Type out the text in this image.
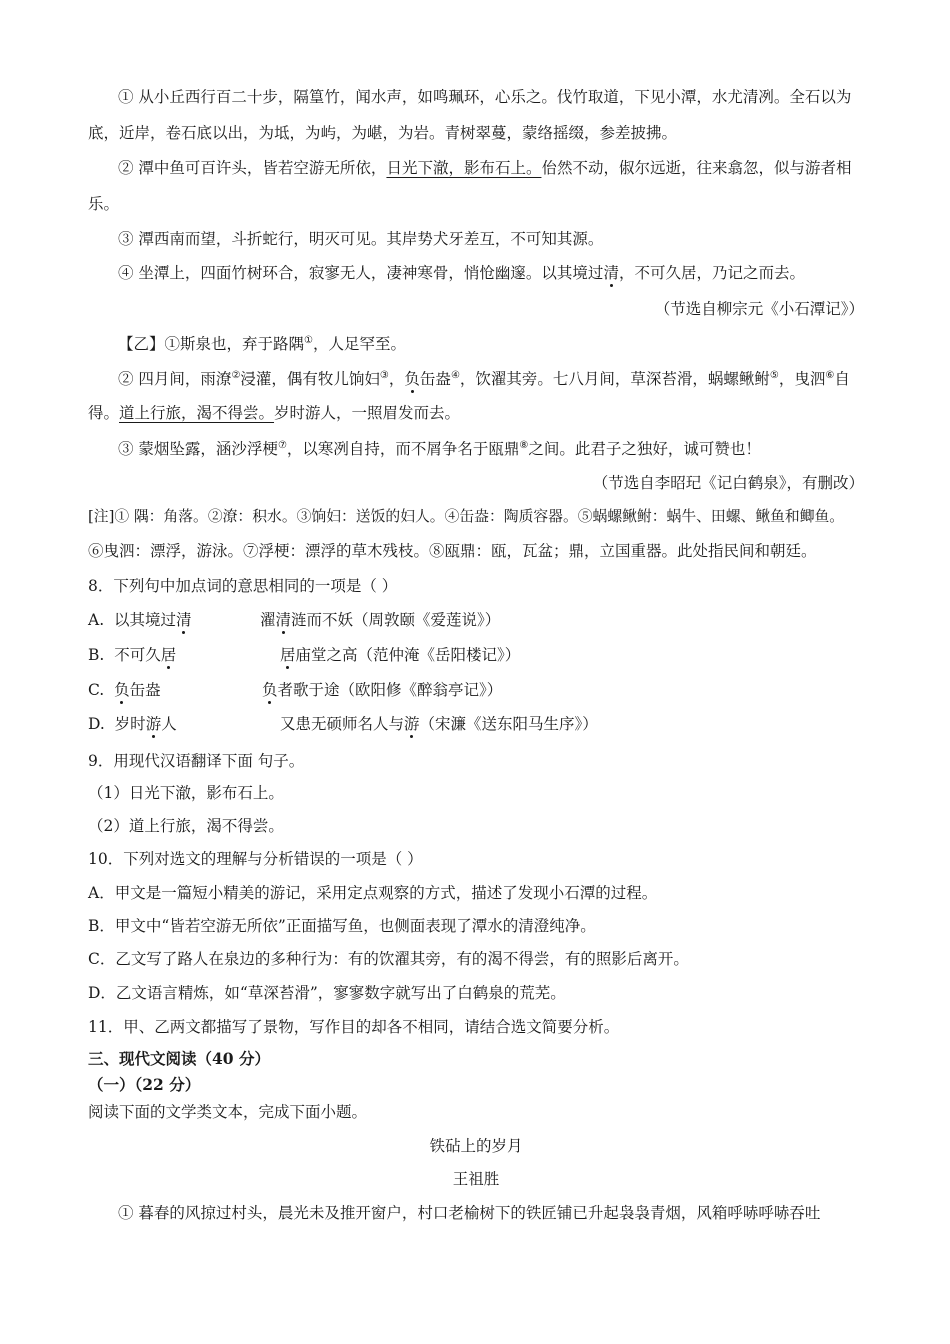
① 从小丘西行百二十步，隔篁竹，闻水声，如鸣珮环，心乐之。伐竹取道，下见小潭，水尤清冽。全石以为
底，近岸，卷石底以出，为坻，为屿，为嵁，为岩。青树翠蔓，蒙络摇缀，参差披拂。
② 潭中鱼可百许头，皆若空游无所依，日光下澈，影布石上。佁然不动，俶尔远逝，往来翕忽，似与游者相
乐。
③ 潭西南而望，斗折蛇行，明灭可见。其岸势犬牙差互，不可知其源。
④ 坐潭上，四面竹树环合，寂寥无人，凄神寒骨，悄怆幽邃。以其境过清，不可久居，乃记之而去。
（节选自柳宗元《小石潭记》）
【乙】①斯泉也，弃于路隅①，人足罕至。
② 四月间，雨潦②浸灌，偶有牧儿饷妇③，负缶盎④，饮濯其旁。七八月间，草深苔滑，蜗螺鳅鲋⑤，曳泗⑥自
得。道上行旅，渴不得尝。岁时游人，一照眉发而去。
③ 蒙烟坠露，涵沙浮梗⑦，以寒冽自持，而不屑争名于瓯鼎⑧之间。此君子之独好，诚可赞也！
（节选自李昭玘《记白鹤泉》，有删改）
[注]① 隅：角落。②潦：积水。③饷妇：送饭的妇人。④缶盎：陶质容器。⑤蜗螺鳅鲋：蜗牛、田螺、鳅鱼和鲫鱼。
⑥曳泗：漂浮，游泳。⑦浮梗：漂浮的草木残枝。⑧瓯鼎：瓯，瓦盆；鼎，立国重器。此处指民间和朝廷。
8．下列句中加点词的意思相同的一项是（ ）
A. 以其境过清	濯清涟而不妖（周敦颐《爱莲说》）
B. 不可久居	居庙堂之高（范仲淹《岳阳楼记》）
C. 负缶盎	负者歌于途（欧阳修《醉翁亭记》）
D. 岁时游人	又患无硕师名人与游（宋濂《送东阳马生序》）
9．用现代汉语翻译下面 句子。
（1）日光下澈，影布石上。
（2）道上行旅，渴不得尝。
10．下列对选文的理解与分析错误的一项是（ ）
A．甲文是一篇短小精美的游记，采用定点观察的方式，描述了发现小石潭的过程。
B．甲文中“皆若空游无所依”正面描写鱼，也侧面表现了潭水的清澄纯净。
C．乙文写了路人在泉边的多种行为：有的饮濯其旁，有的渴不得尝，有的照影后离开。
D．乙文语言精炼，如“草深苔滑”，寥寥数字就写出了白鹤泉的荒芜。
11．甲、乙两文都描写了景物，写作目的却各不相同，请结合选文简要分析。
三、现代文阅读（40 分）
（一）（22 分）
阅读下面的文学类文本，完成下面小题。
铁砧上的岁月
王祖胜
① 暮春的风掠过村头，晨光未及推开窗户，村口老榆树下的铁匠铺已升起袅袅青烟，风箱呼哧呼哧吞吐
